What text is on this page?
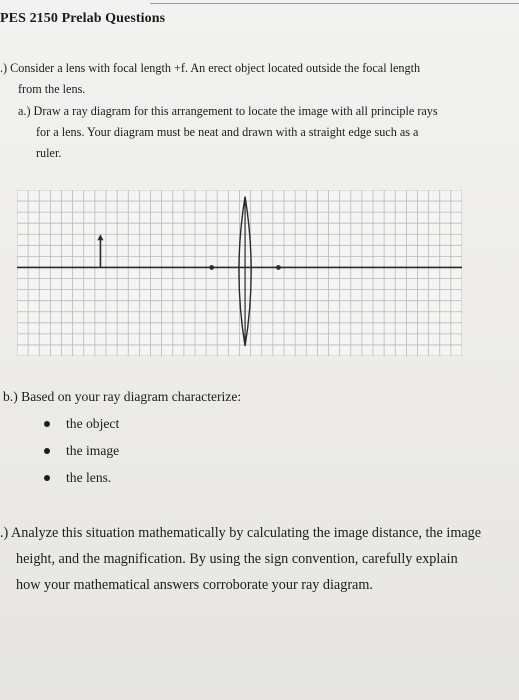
PES 2150 Prelab Questions
.) Consider a lens with focal length +f. An erect object located outside the focal length
from the lens.
a.) Draw a ray diagram for this arrangement to locate the image with all principle rays
for a lens. Your diagram must be neat and drawn with a straight edge such as a
ruler.
b.) Based on your ray diagram characterize:
the object
the image
the lens.
.) Analyze this situation mathematically by calculating the image distance, the image
height, and the magnification. By using the sign convention, carefully explain
how your mathematical answers corroborate your ray diagram.
